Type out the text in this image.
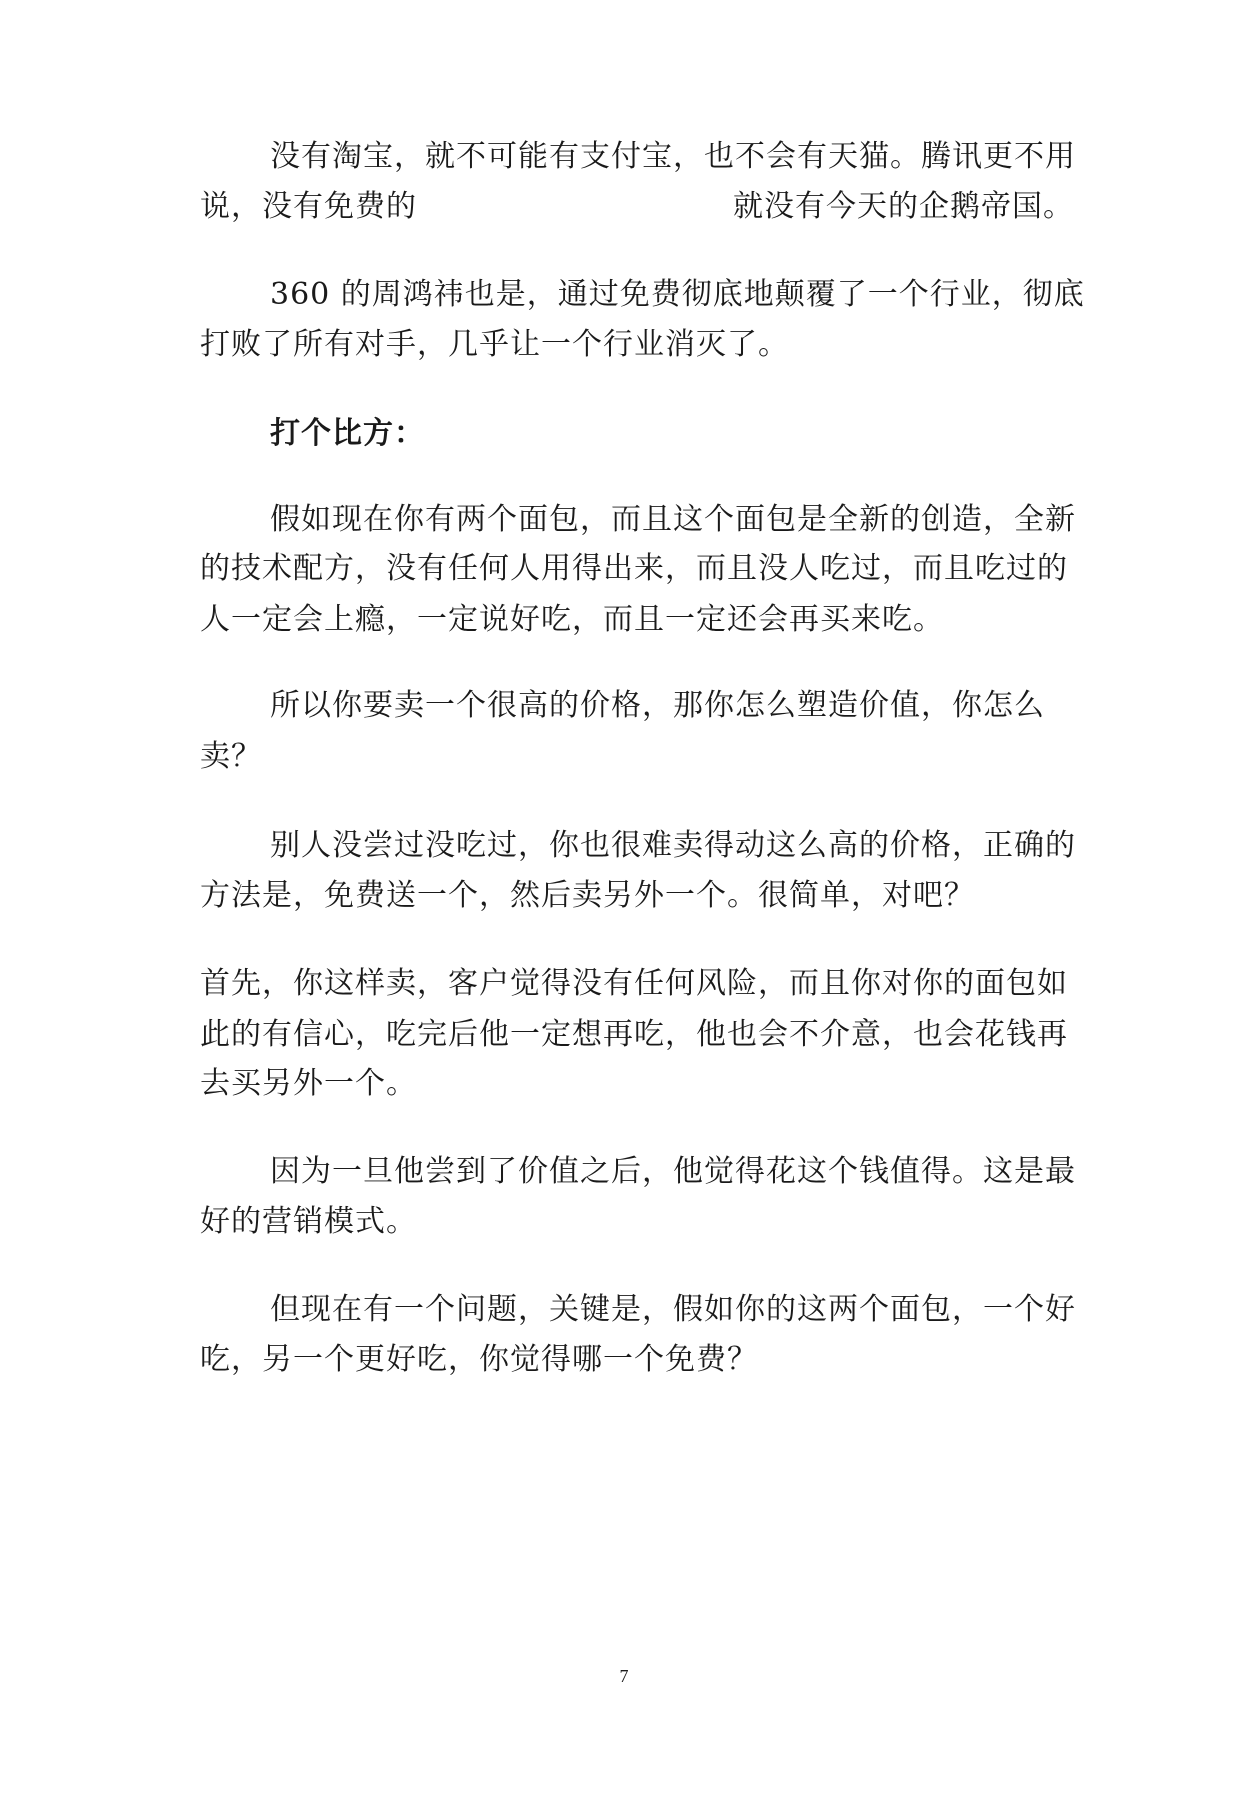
没有淘宝，就不可能有支付宝，也不会有天猫。腾讯更不用
说，没有免费的	就没有今天的企鹅帝国。
360 的周鸿祎也是，通过免费彻底地颠覆了一个行业，彻底
打败了所有对手，几乎让一个行业消灭了。
打个比方：
假如现在你有两个面包，而且这个面包是全新的创造，全新
的技术配方，没有任何人用得出来，而且没人吃过，而且吃过的
人一定会上瘾，一定说好吃，而且一定还会再买来吃。
所以你要卖一个很高的价格，那你怎么塑造价值，你怎么
卖？
别人没尝过没吃过，你也很难卖得动这么高的价格，正确的
方法是，免费送一个，然后卖另外一个。很简单，对吧？
首先，你这样卖，客户觉得没有任何风险，而且你对你的面包如
此的有信心，吃完后他一定想再吃，他也会不介意，也会花钱再
去买另外一个。
因为一旦他尝到了价值之后，他觉得花这个钱值得。这是最
好的营销模式。
但现在有一个问题，关键是，假如你的这两个面包，一个好
吃，另一个更好吃，你觉得哪一个免费？
7
